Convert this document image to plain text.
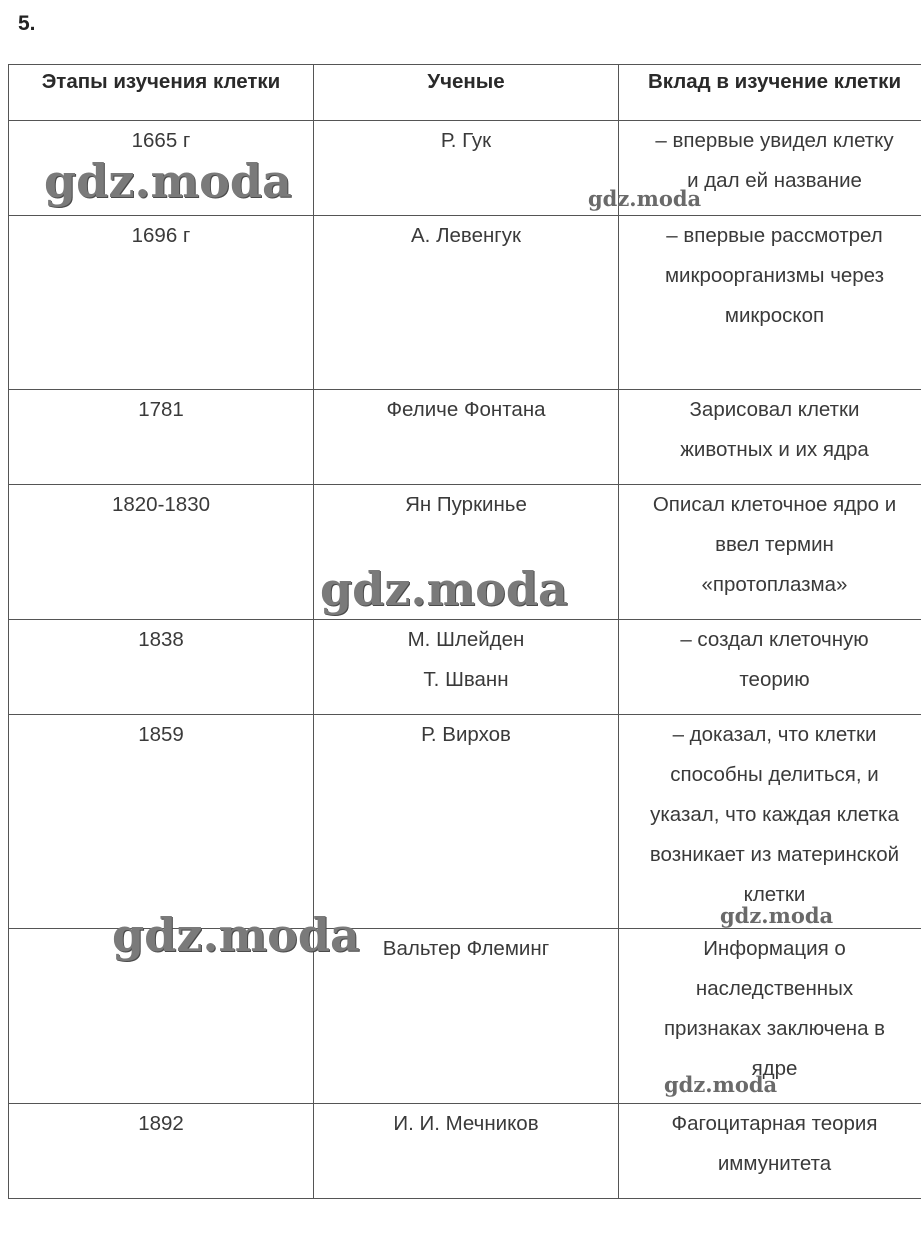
5.
Этапы изучения клетки	Ученые	Вклад в изучение клетки

1665 г	Р. Гук	– впервые увидел клетку
и дал ей название

1696 г	А. Левенгук	– впервые рассмотрел
микроорганизмы через
микроскоп

1781	Феличе Фонтана	Зарисовал клетки
животных и их ядра

1820-1830	Ян Пуркинье	Описал клеточное ядро и
ввел термин
«протоплазма»

1838	М. Шлейден
Т. Шванн	– создал клеточную
теорию

1859	Р. Вирхов	– доказал, что клетки
способны делиться, и
указал, что каждая клетка
возникает из материнской
клетки

	Вальтер Флеминг	Информация о
наследственных
признаках заключена в
ядре

1892	И. И. Мечников	Фагоцитарная теория
иммунитета
gdz.moda	gdz.moda
gdz.moda
gdz.moda
gdz.moda
gdz.moda
